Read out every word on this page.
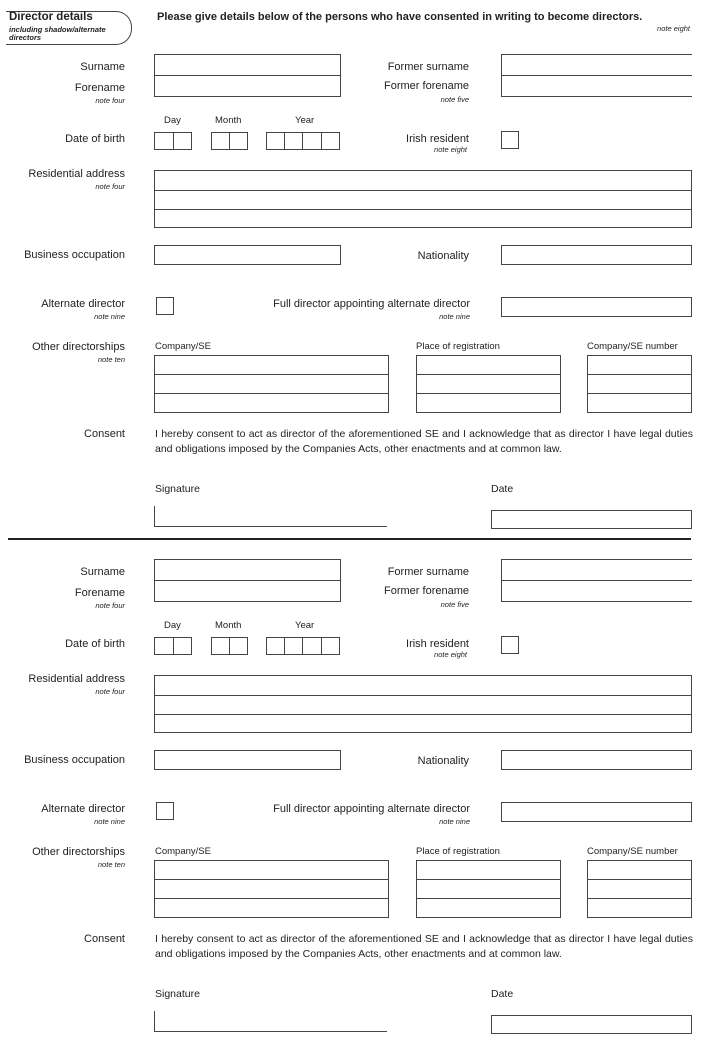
Director details
including shadow/alternate directors
Please give details below of the persons who have consented in writing to become directors.
note eight
Surname
Forename
note four
Former surname
Former forename
note five
Day	Month	Year
Date of birth	Irish resident
note eight
Residential address
note four
Business occupation	Nationality
Alternate director
note nine
Full director appointing alternate director
note nine
Other directorships
note ten
Company/SE	Place of registration	Company/SE number
Consent	I hereby consent to act as director of the aforementioned SE and I acknowledge that as director I have legal duties and obligations imposed by the Companies Acts, other enactments and at common law.
Signature	Date
Surname
Forename
note four
Former surname
Former forename
note five
Day	Month	Year
Date of birth	Irish resident
note eight
Residential address
note four
Business occupation	Nationality
Alternate director
note nine
Full director appointing alternate director
note nine
Other directorships
note ten
Company/SE	Place of registration	Company/SE number
Consent	I hereby consent to act as director of the aforementioned SE and I acknowledge that as director I have legal duties and obligations imposed by the Companies Acts, other enactments and at common law.
Signature	Date
